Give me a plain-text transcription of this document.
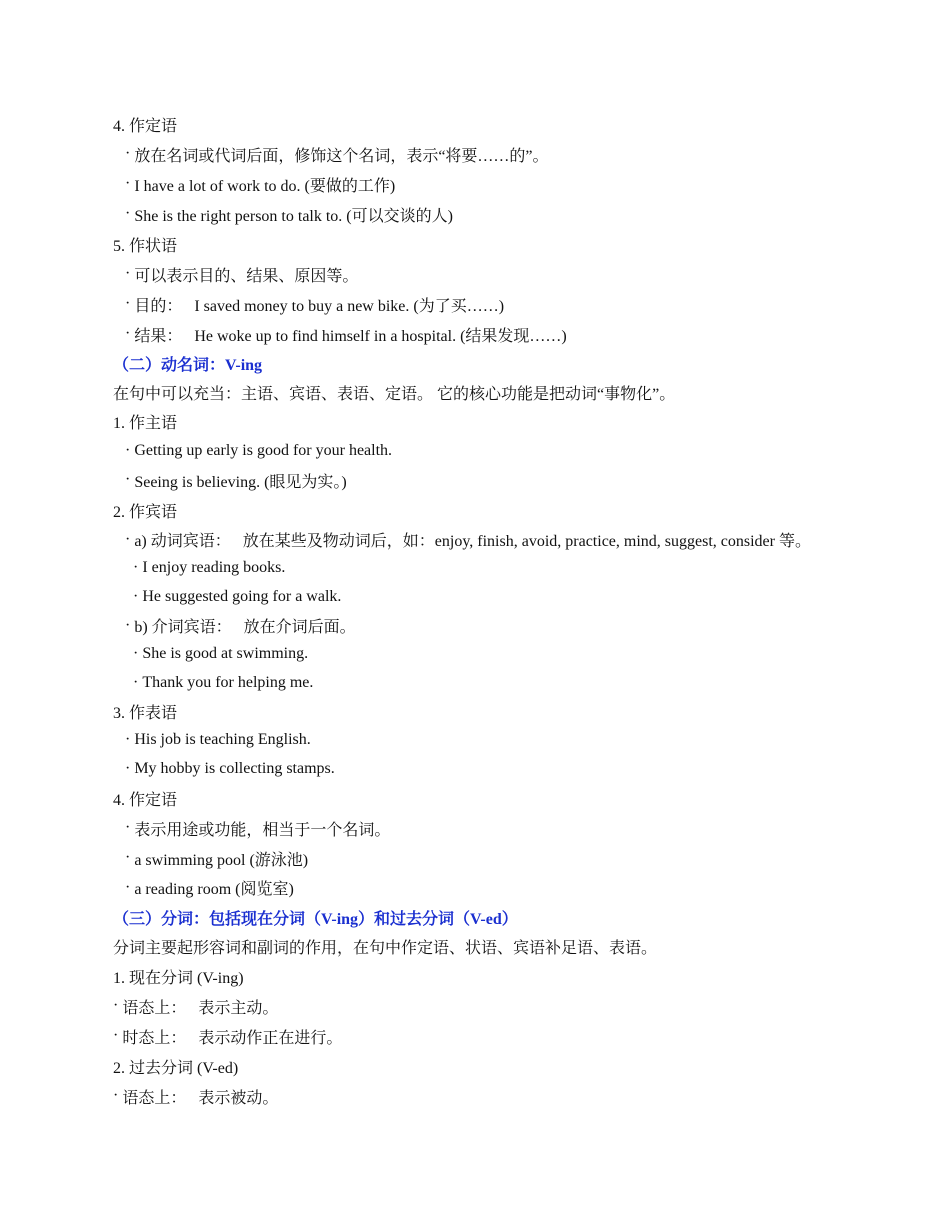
4. 作定语
· 放在名词或代词后面，修饰这个名词，表示“将要……的”。
· I have a lot of work to do. (要做的工作)
· She is the right person to talk to. (可以交谈的人)
5. 作状语
· 可以表示目的、结果、原因等。
· 目的： I saved money to buy a new bike. (为了买……)
· 结果： He woke up to find himself in a hospital. (结果发现……)
（二）动名词：V-ing
在句中可以充当：主语、宾语、表语、定语。 它的核心功能是把动词“事物化”。
1. 作主语
· Getting up early is good for your health.
· Seeing is believing. (眼见为实。)
2. 作宾语
· a) 动词宾语： 放在某些及物动词后，如：enjoy, finish, avoid, practice, mind, suggest, consider 等。
· I enjoy reading books.
· He suggested going for a walk.
· b) 介词宾语： 放在介词后面。
· She is good at swimming.
· Thank you for helping me.
3. 作表语
· His job is teaching English.
· My hobby is collecting stamps.
4. 作定语
· 表示用途或功能，相当于一个名词。
· a swimming pool (游泳池)
· a reading room (阅览室)
（三）分词：包括现在分词（V-ing）和过去分词（V-ed）
分词主要起形容词和副词的作用，在句中作定语、状语、宾语补足语、表语。
1. 现在分词 (V-ing)
· 语态上： 表示主动。
· 时态上： 表示动作正在进行。
2. 过去分词 (V-ed)
· 语态上： 表示被动。
